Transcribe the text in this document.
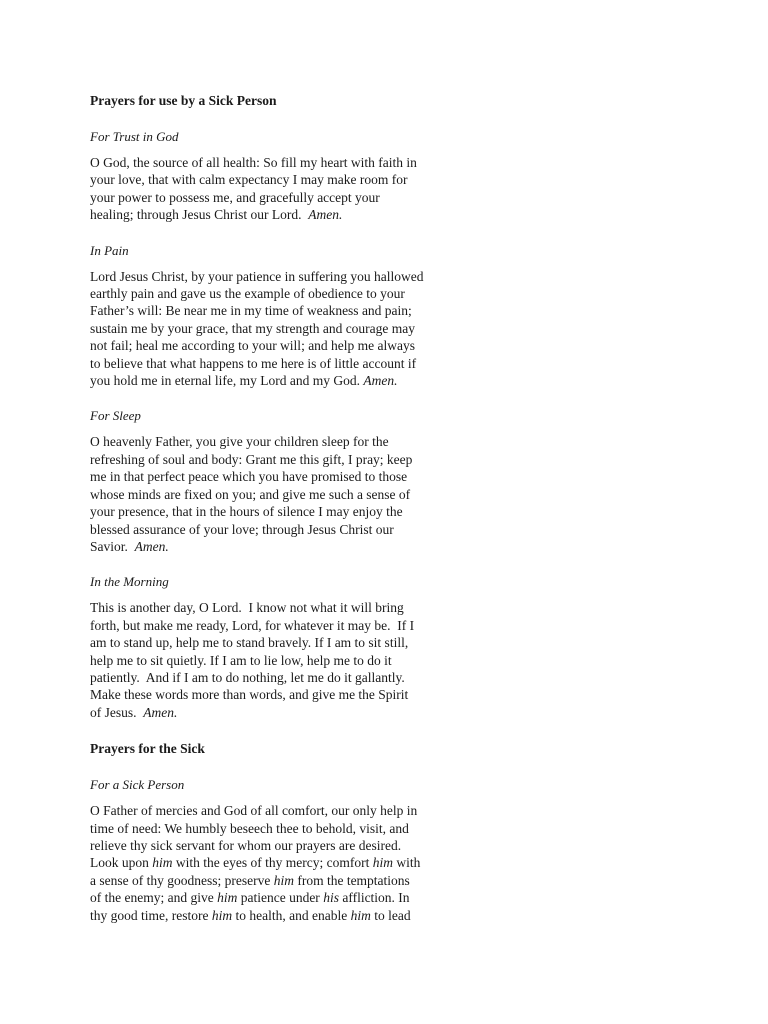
Prayers for use by a Sick Person
For Trust in God
O God, the source of all health: So fill my heart with faith in
your love, that with calm expectancy I may make room for
your power to possess me, and gracefully accept your
healing; through Jesus Christ our Lord.  Amen.
In Pain
Lord Jesus Christ, by your patience in suffering you hallowed
earthly pain and gave us the example of obedience to your
Father’s will: Be near me in my time of weakness and pain;
sustain me by your grace, that my strength and courage may
not fail; heal me according to your will; and help me always
to believe that what happens to me here is of little account if
you hold me in eternal life, my Lord and my God. Amen.
For Sleep
O heavenly Father, you give your children sleep for the
refreshing of soul and body: Grant me this gift, I pray; keep
me in that perfect peace which you have promised to those
whose minds are fixed on you; and give me such a sense of
your presence, that in the hours of silence I may enjoy the
blessed assurance of your love; through Jesus Christ our
Savior.  Amen.
In the Morning
This is another day, O Lord.  I know not what it will bring
forth, but make me ready, Lord, for whatever it may be.  If I
am to stand up, help me to stand bravely. If I am to sit still,
help me to sit quietly. If I am to lie low, help me to do it
patiently.  And if I am to do nothing, let me do it gallantly.
Make these words more than words, and give me the Spirit
of Jesus.  Amen.
Prayers for the Sick
For a Sick Person
O Father of mercies and God of all comfort, our only help in
time of need: We humbly beseech thee to behold, visit, and
relieve thy sick servant for whom our prayers are desired.
Look upon him with the eyes of thy mercy; comfort him with
a sense of thy goodness; preserve him from the temptations
of the enemy; and give him patience under his affliction. In
thy good time, restore him to health, and enable him to lead
